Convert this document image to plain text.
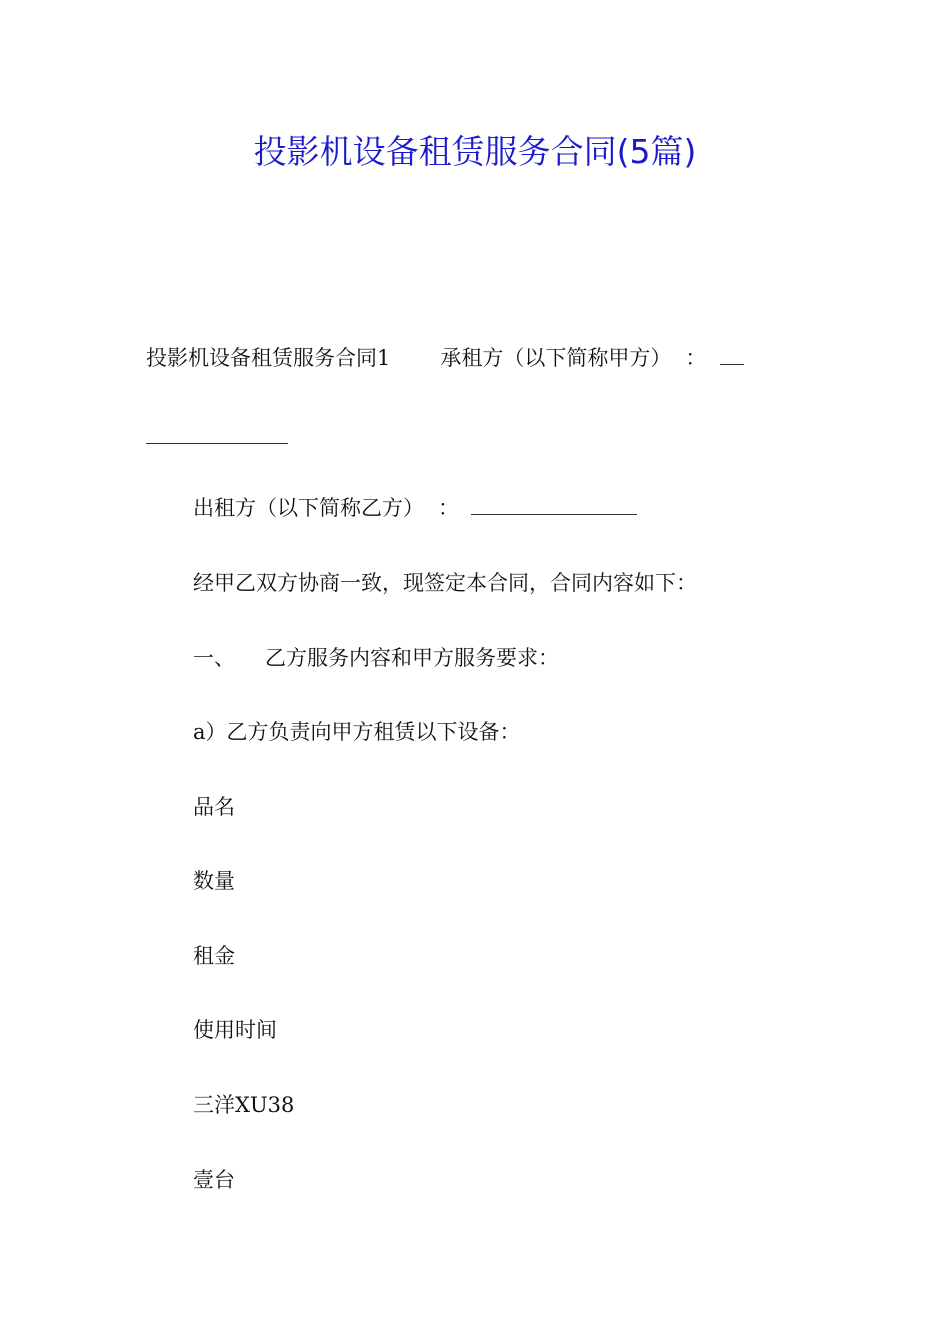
投影机设备租赁服务合同(5篇)
投影机设备租赁服务合同1 承租方（以下简称甲方） ：
出租方（以下简称乙方） ：
经甲乙双方协商一致，现签定本合同，合同内容如下：
一、 乙方服务内容和甲方服务要求：
a）乙方负责向甲方租赁以下设备：
品名
数量
租金
使用时间
三洋XU38
壹台
